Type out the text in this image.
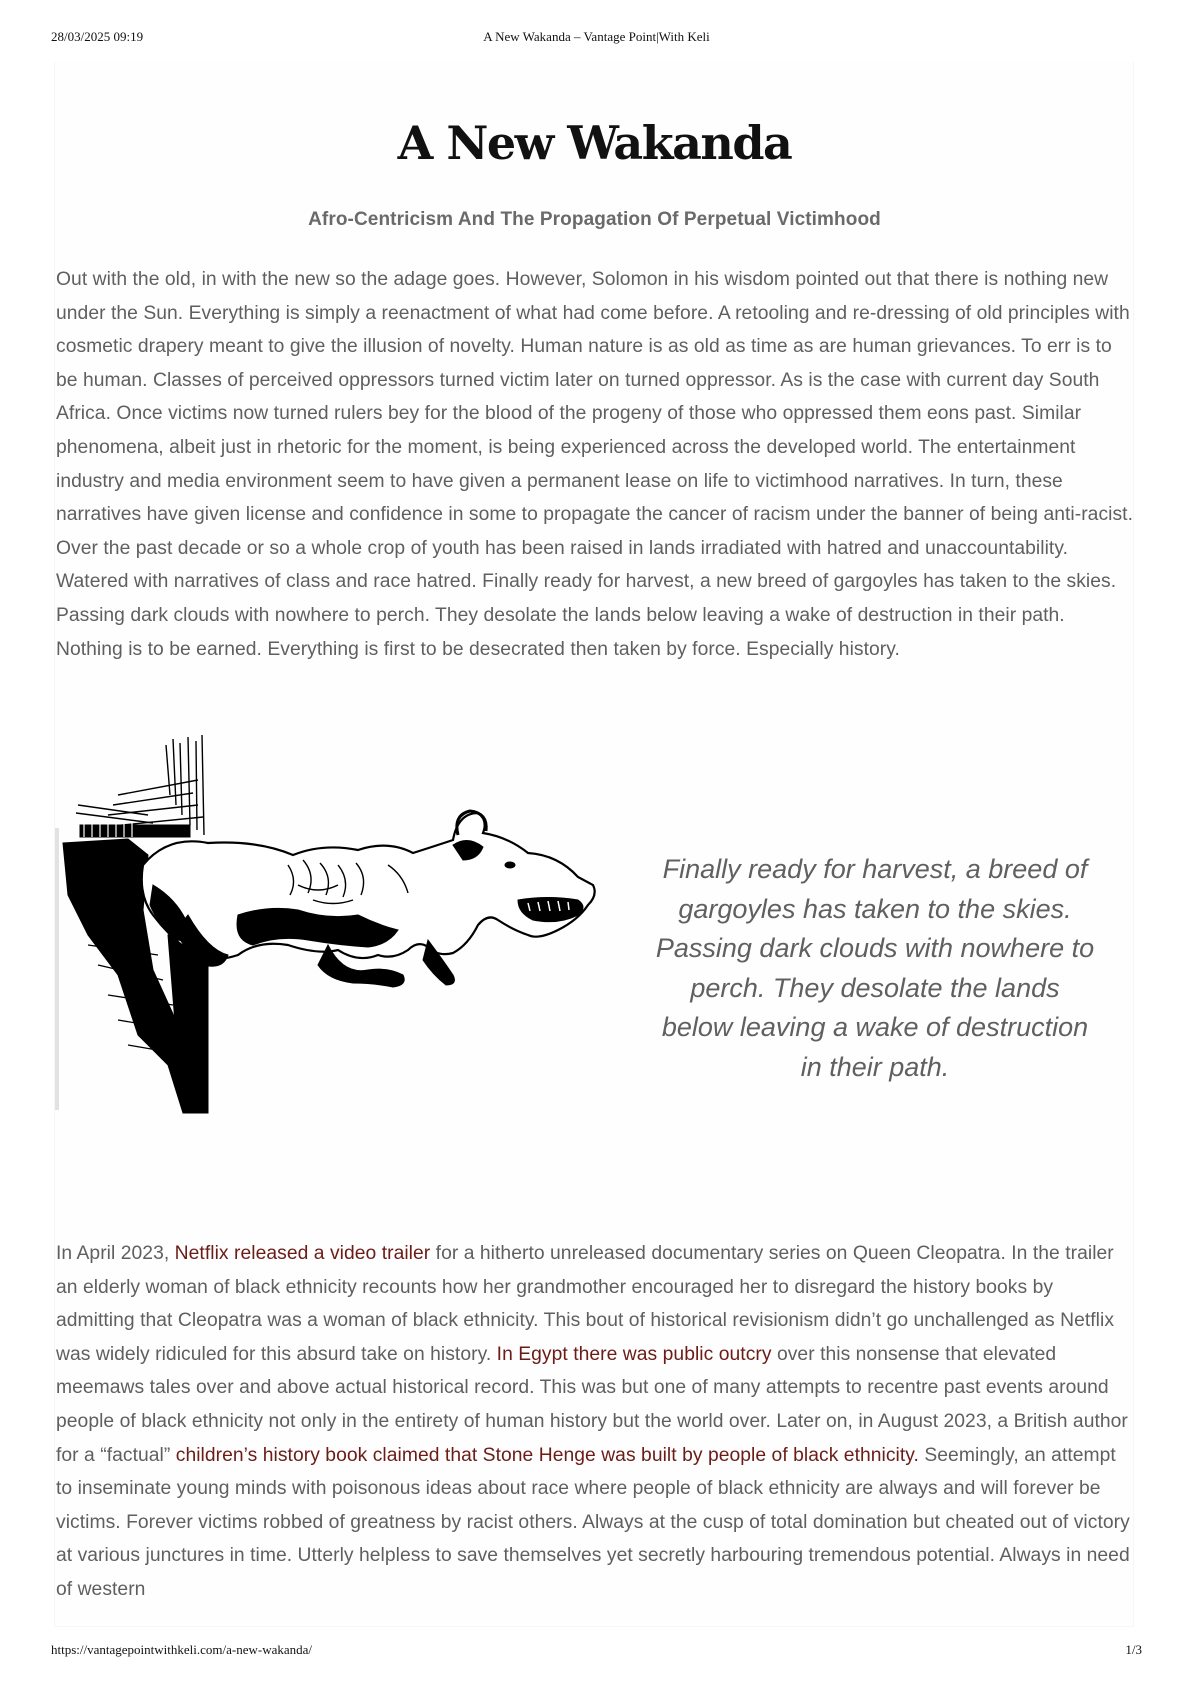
28/03/2025 09:19	A New Wakanda – Vantage Point|With Keli
A New Wakanda
Afro-Centricism And The Propagation Of Perpetual Victimhood

Out with the old, in with the new so the adage goes. However, Solomon in his wisdom pointed out that there is nothing new under the Sun. Everything is simply a reenactment of what had come before. A retooling and re-dressing of old principles with cosmetic drapery meant to give the illusion of novelty. Human nature is as old as time as are human grievances. To err is to be human. Classes of perceived oppressors turned victim later on turned oppressor. As is the case with current day South Africa. Once victims now turned rulers bey for the blood of the progeny of those who oppressed them eons past. Similar phenomena, albeit just in rhetoric for the moment, is being experienced across the developed world. The entertainment industry and media environment seem to have given a permanent lease on life to victimhood narratives. In turn, these narratives have given license and confidence in some to propagate the cancer of racism under the banner of being anti-racist. Over the past decade or so a whole crop of youth has been raised in lands irradiated with hatred and unaccountability. Watered with narratives of class and race hatred. Finally ready for harvest, a new breed of gargoyles has taken to the skies. Passing dark clouds with nowhere to perch. They desolate the lands below leaving a wake of destruction in their path. Nothing is to be earned. Everything is first to be desecrated then taken by force. Especially history.

Finally ready for harvest, a breed of gargoyles has taken to the skies. Passing dark clouds with nowhere to perch. They desolate the lands below leaving a wake of destruction in their path.

In April 2023, Netflix released a video trailer for a hitherto unreleased documentary series on Queen Cleopatra. In the trailer an elderly woman of black ethnicity recounts how her grandmother encouraged her to disregard the history books by admitting that Cleopatra was a woman of black ethnicity. This bout of historical revisionism didn’t go unchallenged as Netflix was widely ridiculed for this absurd take on history. In Egypt there was public outcry over this nonsense that elevated meemaws tales over and above actual historical record. This was but one of many attempts to recentre past events around people of black ethnicity not only in the entirety of human history but the world over. Later on, in August 2023, a British author for a “factual” children’s history book claimed that Stone Henge was built by people of black ethnicity. Seemingly, an attempt to inseminate young minds with poisonous ideas about race where people of black ethnicity are always and will forever be victims. Forever victims robbed of greatness by racist others. Always at the cusp of total domination but cheated out of victory at various junctures in time. Utterly helpless to save themselves yet secretly harbouring tremendous potential. Always in need of western

https://vantagepointwithkeli.com/a-new-wakanda/	1/3
